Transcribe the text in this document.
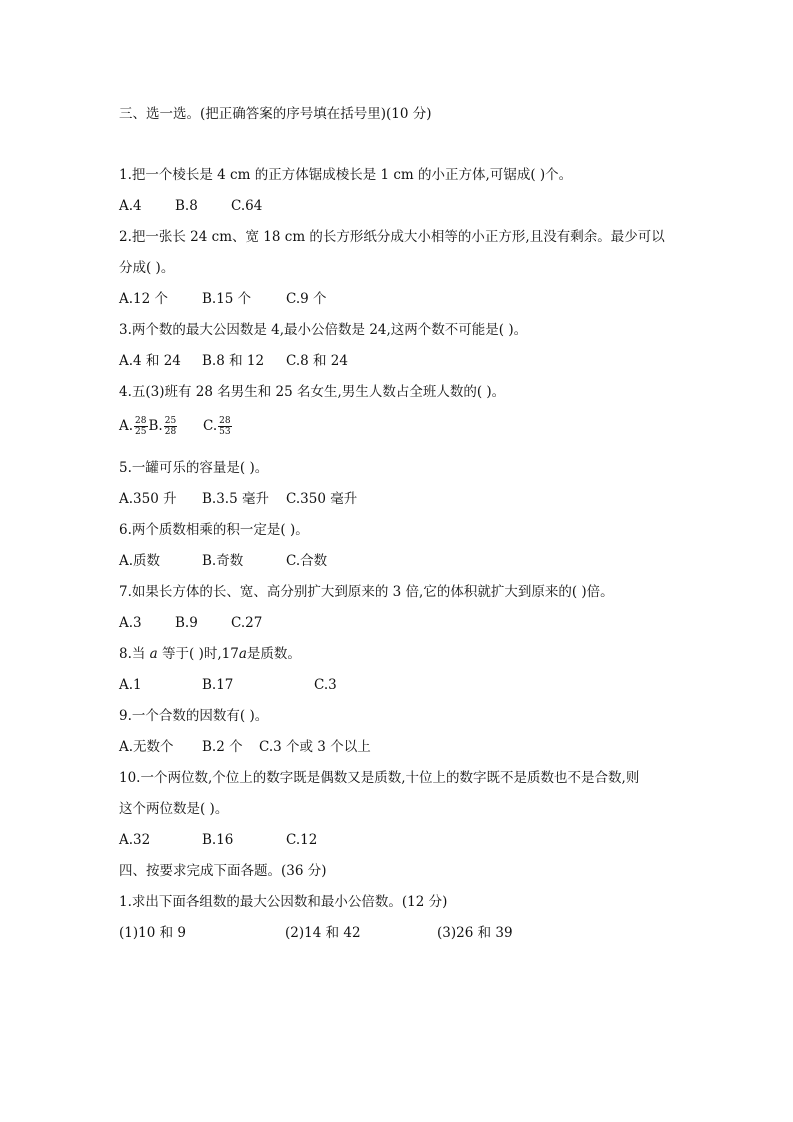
三、选一选。(把正确答案的序号填在括号里)(10 分)
1.把一个棱长是 4 cm 的正方体锯成棱长是 1 cm 的小正方体,可锯成( )个。
A.4 B.8 C.64
2.把一张长 24 cm、宽 18 cm 的长方形纸分成大小相等的小正方形,且没有剩余。最少可以
分成( )。
A.12 个	B.15 个	C.9 个
3.两个数的最大公因数是 4,最小公倍数是 24,这两个数不可能是( )。
A.4 和 24 B.8 和 12 C.8 和 24
4.五(3)班有 28 名男生和 25 名女生,男生人数占全班人数的( )。
A. $\frac{28}{25} B$. $\frac{25}{28} C$. $\frac{28}{53}$
5.一罐可乐的容量是( )。
A.350 升 B.3.5 毫升 C.350 毫升
6.两个质数相乘的积一定是( )。
A.质数	B.奇数	C.合数
7.如果长方体的长、宽、高分别扩大到原来的 3 倍,它的体积就扩大到原来的( )倍。
A.3 B.9 C.27
8.当 a 等于( )时,17a是质数。
A.1	B.17	C.3
9.一个合数的因数有( )。
A.无数个 B.2 个 C.3 个或 3 个以上
10.一个两位数,个位上的数字既是偶数又是质数,十位上的数字既不是质数也不是合数,则
这个两位数是( )。
A.32	B.16	C.12
四、按要求完成下面各题。(36 分)
1.求出下面各组数的最大公因数和最小公倍数。(12 分)
(1)10 和 9	(2)14 和 42	(3)26 和 39
